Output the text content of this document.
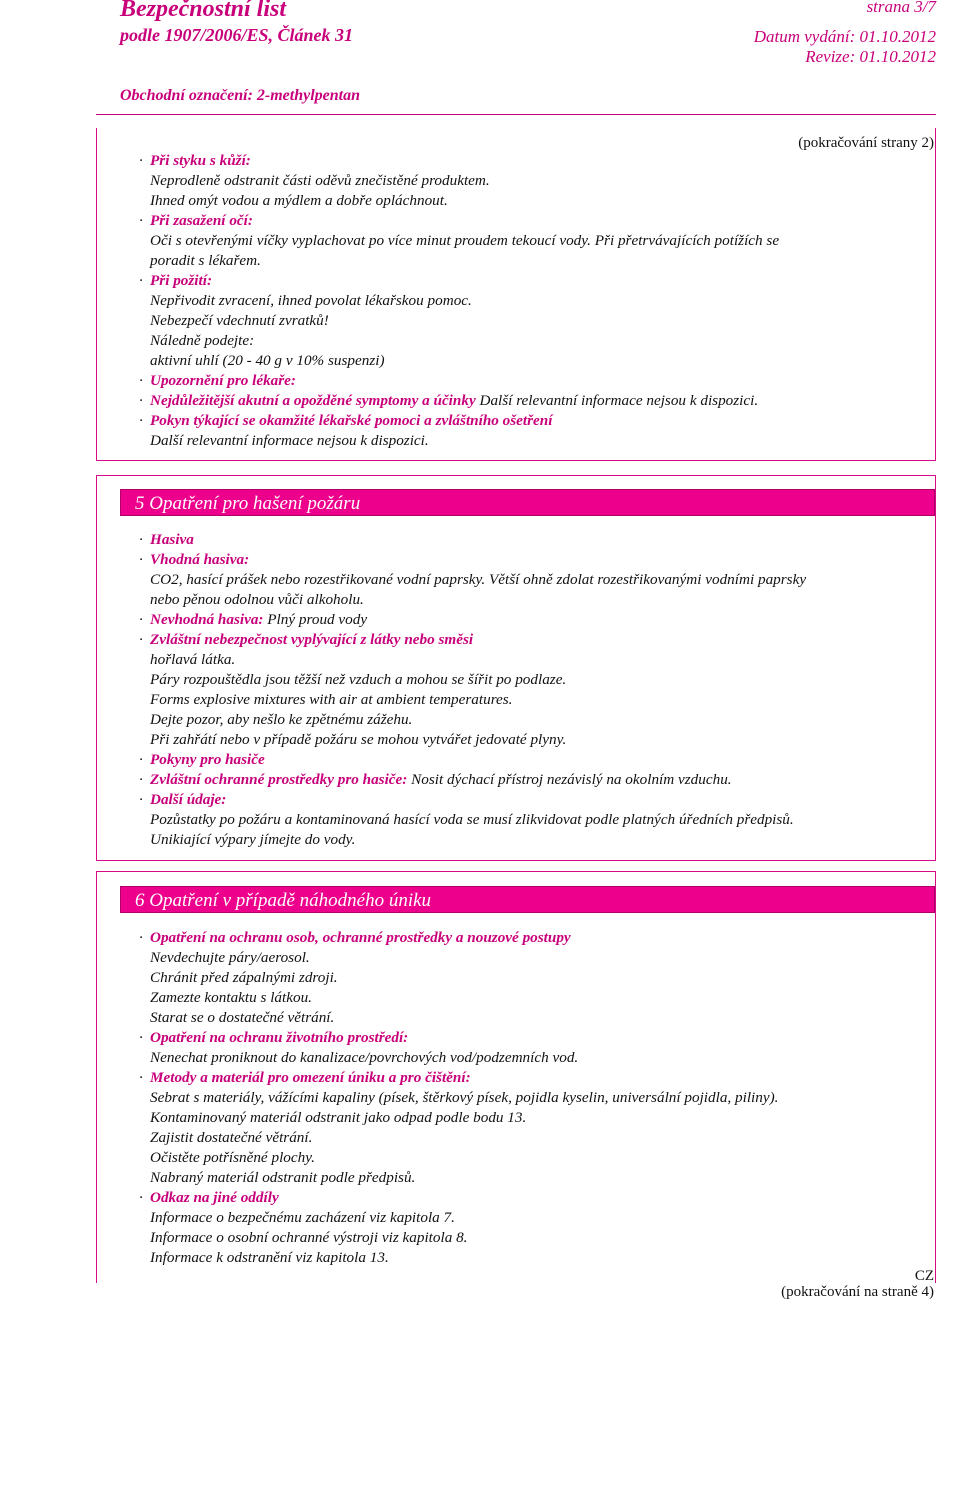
Bezpečnostní list
podle 1907/2006/ES, Článek 31
strana 3/7
Datum vydání: 01.10.2012
Revize: 01.10.2012
Obchodní označení: 2-methylpentan
(pokračování strany 2)
· Při styku s kůží:
Neprodleně odstranit části oděvů znečistěné produktem.
Ihned omýt vodou a mýdlem a dobře opláchnout.
· Při zasažení očí:
Oči s otevřenými víčky vyplachovat po více minut proudem tekoucí vody. Při přetrvávajících potížích se
poradit s lékařem.
· Při požití:
Nepřivodit zvracení, ihned povolat lékařskou pomoc.
Nebezpečí vdechnutí zvratků!
Náledně podejte:
aktivní uhlí (20 - 40 g v 10% suspenzi)
· Upozornění pro lékaře:
· Nejdůležitější akutní a opožděné symptomy a účinky Další relevantní informace nejsou k dispozici.
· Pokyn týkající se okamžité lékařské pomoci a zvláštního ošetření
Další relevantní informace nejsou k dispozici.
5 Opatření pro hašení požáru
· Hasiva
· Vhodná hasiva:
CO2, hasící prášek nebo rozestřikované vodní paprsky. Větší ohně zdolat rozestřikovanými vodními paprsky
nebo pěnou odolnou vůči alkoholu.
· Nevhodná hasiva: Plný proud vody
· Zvláštní nebezpečnost vyplývající z látky nebo směsi
hořlavá látka.
Páry rozpouštědla jsou těžší než vzduch a mohou se šířit po podlaze.
Forms explosive mixtures with air at ambient temperatures.
Dejte pozor, aby nešlo ke zpětnému zážehu.
Při zahřátí nebo v případě požáru se mohou vytvářet jedovaté plyny.
· Pokyny pro hasiče
· Zvláštní ochranné prostředky pro hasiče: Nosit dýchací přístroj nezávislý na okolním vzduchu.
· Další údaje:
Pozůstatky po požáru a kontaminovaná hasící voda se musí zlikvidovat podle platných úředních předpisů.
Unikiající výpary jímejte do vody.
6 Opatření v případě náhodného úniku
· Opatření na ochranu osob, ochranné prostředky a nouzové postupy
Nevdechujte páry/aerosol.
Chránit před zápalnými zdroji.
Zamezte kontaktu s látkou.
Starat se o dostatečné větrání.
· Opatření na ochranu životního prostředí:
Nenechat proniknout do kanalizace/povrchových vod/podzemních vod.
· Metody a materiál pro omezení úniku a pro čištění:
Sebrat s materiály, vážícími kapaliny (písek, štěrkový písek, pojidla kyselin, universální pojidla, piliny).
Kontaminovaný materiál odstranit jako odpad podle bodu 13.
Zajistit dostatečné větrání.
Očistěte potřísněné plochy.
Nabraný materiál odstranit podle předpisů.
· Odkaz na jiné oddíly
Informace o bezpečnému zacházení viz kapitola 7.
Informace o osobní ochranné výstroji viz kapitola 8.
Informace k odstranění viz kapitola 13.
CZ
(pokračování na straně 4)
